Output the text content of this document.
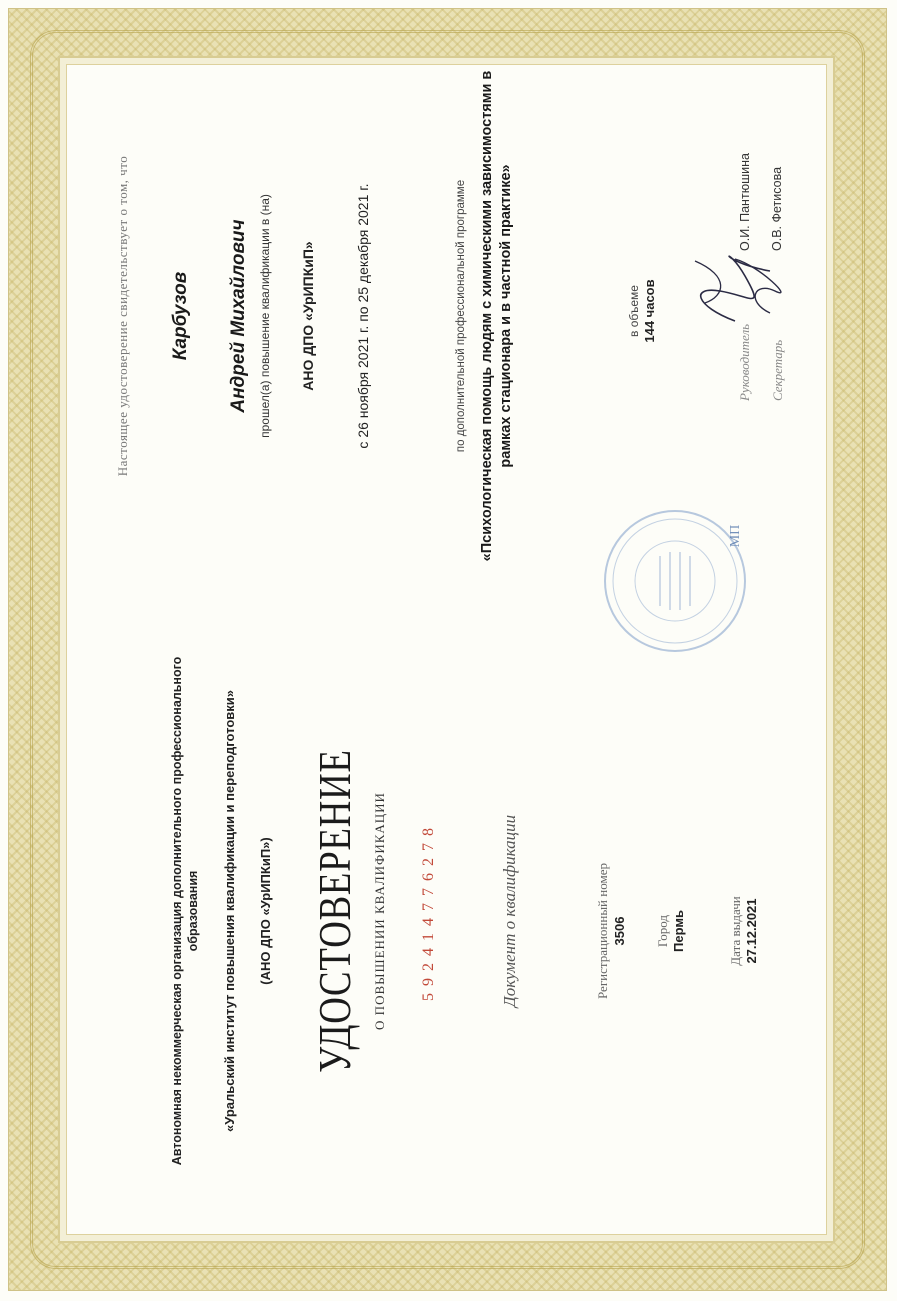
Автономная некоммерческая организация дополнительного профессионального образования «Уральский институт повышения квалификации и переподготовки» (АНО ДПО «УрИПКиП») УДОСТОВЕРЕНИЕ О ПОВЫШЕНИИ КВАЛИФИКАЦИИ 592414776278	Документ о квалификации	Регистрационный номер 3506 Город Пермь	Дата выдачи 27.12.2021
Настоящее удостоверение свидетельствует о том, что Карбузов Андрей Михайлович прошел(а) повышение квалификации в (на) АНО ДПО «УрИПКиП»	с 26 ноября 2021 г. по 25 декабря 2021 г.	по дополнительной профессиональной программе «Психологическая помощь людям с химическими зависимостями в рамках стационара и в частной практике»	в объеме 144 часов
МП
Руководитель Секретарь
О.И. Пантюшина О.В. Фетисова
